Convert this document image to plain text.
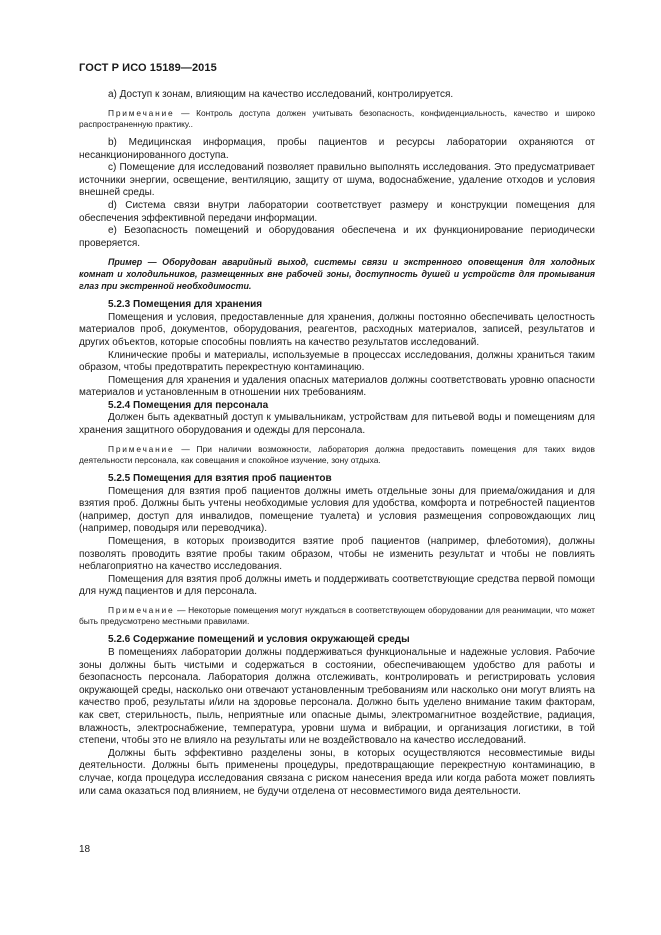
ГОСТ Р ИСО 15189—2015

а) Доступ к зонам, влияющим на качество исследований, контролируется.

Примечание — Контроль доступа должен учитывать безопасность, конфиденциальность, качество и широко распространенную практику..

b) Медицинская информация, пробы пациентов и ресурсы лаборатории охраняются от несанкционированного доступа.

c) Помещение для исследований позволяет правильно выполнять исследования. Это предусматривает источники энергии, освещение, вентиляцию, защиту от шума, водоснабжение, удаление отходов и условия внешней среды.

d) Система связи внутри лаборатории соответствует размеру и конструкции помещения для обеспечения эффективной передачи информации.

e) Безопасность помещений и оборудования обеспечена и их функционирование периодически проверяется.

Пример — Оборудован аварийный выход, системы связи и экстренного оповещения для холодных комнат и холодильников, размещенных вне рабочей зоны, доступность душей и устройств для промывания глаз при экстренной необходимости.

5.2.3 Помещения для хранения

Помещения и условия, предоставленные для хранения, должны постоянно обеспечивать целостность материалов проб, документов, оборудования, реагентов, расходных материалов, записей, результатов и других объектов, которые способны повлиять на качество результатов исследований.

Клинические пробы и материалы, используемые в процессах исследования, должны храниться таким образом, чтобы предотвратить перекрестную контаминацию.

Помещения для хранения и удаления опасных материалов должны соответствовать уровню опасности материалов и установленным в отношении них требованиям.

5.2.4 Помещения для персонала

Должен быть адекватный доступ к умывальникам, устройствам для питьевой воды и помещениям для хранения защитного оборудования и одежды для персонала.

Примечание — При наличии возможности, лаборатория должна предоставить помещения для таких видов деятельности персонала, как совещания и спокойное изучение, зону отдыха.

5.2.5 Помещения для взятия проб пациентов

Помещения для взятия проб пациентов должны иметь отдельные зоны для приема/ожидания и для взятия проб. Должны быть учтены необходимые условия для удобства, комфорта и потребностей пациентов (например, доступ для инвалидов, помещение туалета) и условия размещения сопровождающих лиц (например, поводыря или переводчика).

Помещения, в которых производится взятие проб пациентов (например, флеботомия), должны позволять проводить взятие пробы таким образом, чтобы не изменить результат и чтобы не повлиять неблагоприятно на качество исследования.

Помещения для взятия проб должны иметь и поддерживать соответствующие средства первой помощи для нужд пациентов и для персонала.

Примечание — Некоторые помещения могут нуждаться в соответствующем оборудовании для реанимации, что может быть предусмотрено местными правилами.

5.2.6 Содержание помещений и условия окружающей среды

В помещениях лаборатории должны поддерживаться функциональные и надежные условия. Рабочие зоны должны быть чистыми и содержаться в состоянии, обеспечивающем удобство для работы и безопасность персонала. Лаборатория должна отслеживать, контролировать и регистрировать условия окружающей среды, насколько они отвечают установленным требованиям или насколько они могут влиять на качество проб, результаты и/или на здоровье персонала. Должно быть уделено внимание таким факторам, как свет, стерильность, пыль, неприятные или опасные дымы, электромагнитное воздействие, радиация, влажность, электроснабжение, температура, уровни шума и вибрации, и организация логистики, в той степени, чтобы это не влияло на результаты или не воздействовало на качество исследований.

Должны быть эффективно разделены зоны, в которых осуществляются несовместимые виды деятельности. Должны быть применены процедуры, предотвращающие перекрестную контаминацию, в случае, когда процедура исследования связана с риском нанесения вреда или когда работа может повлиять или сама оказаться под влиянием, не будучи отделена от несовместимого вида деятельности.

18
